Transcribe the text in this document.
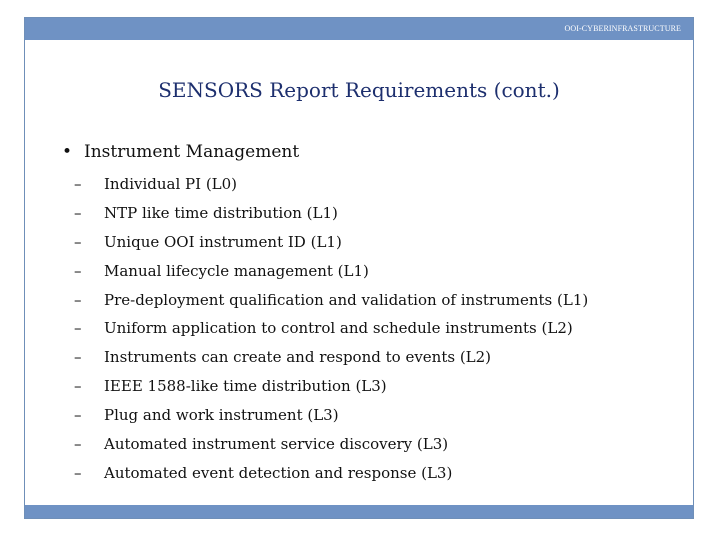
OOI-CYBERINFRASTRUCTURE
SENSORS Report Requirements (cont.)
• Instrument Management
– Individual PI (L0)
– NTP like time distribution (L1)
– Unique OOI instrument ID (L1)
– Manual lifecycle management (L1)
– Pre-deployment qualification and validation of instruments (L1)
– Uniform application to control and schedule instruments (L2)
– Instruments can create and respond to events (L2)
– IEEE 1588-like time distribution (L3)
– Plug and work instrument (L3)
– Automated instrument service discovery (L3)
– Automated event detection and response (L3)
